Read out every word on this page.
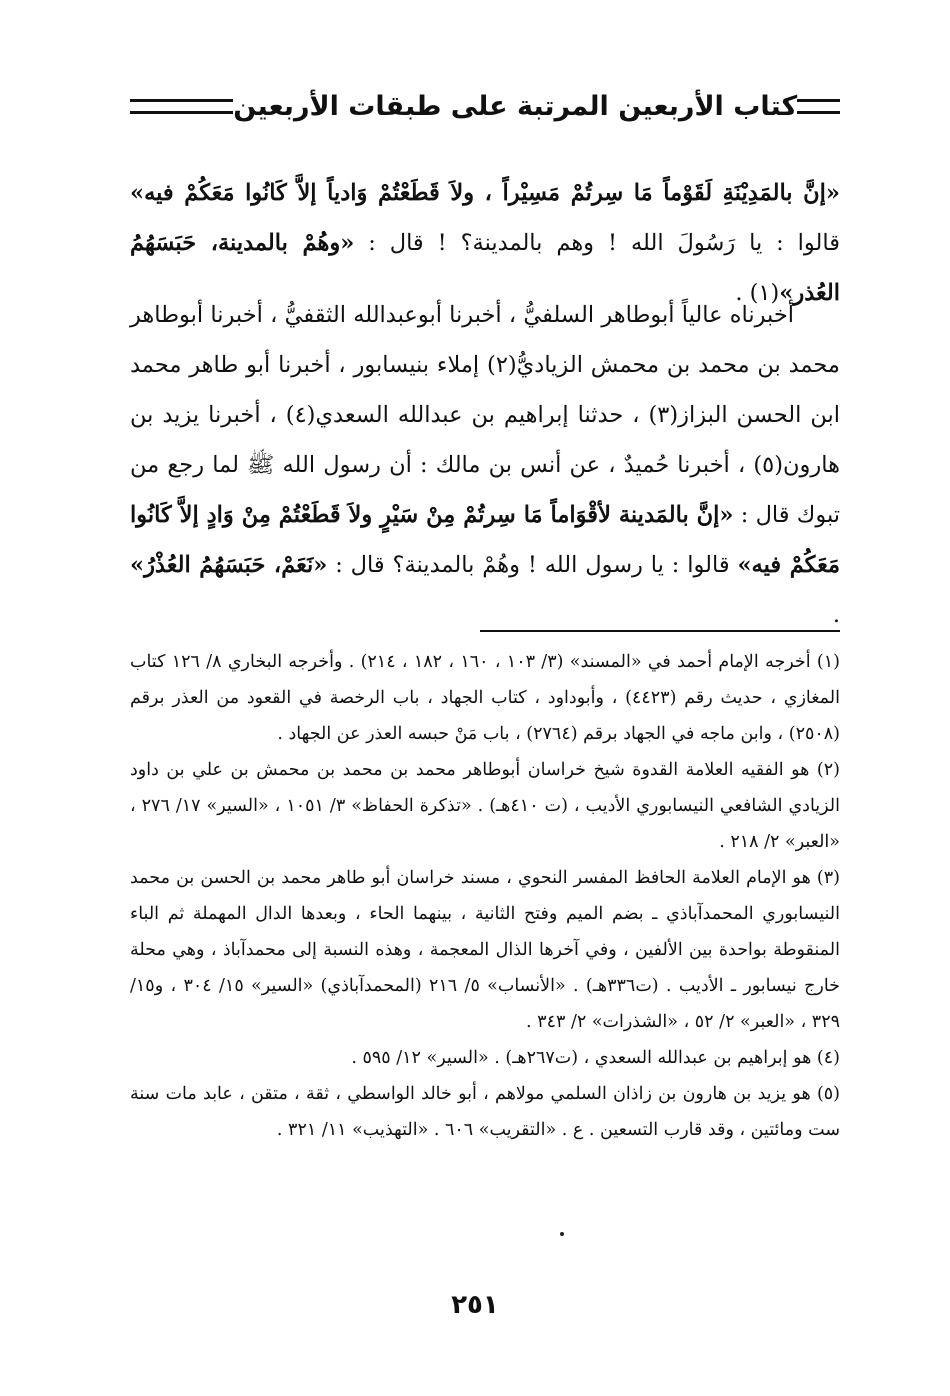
كتاب الأربعين المرتبة على طبقات الأربعين
«إنَّ بالمَدِيْنَةِ لَقَوْماً مَا سِرتُمْ مَسِيْراً ، ولاَ قَطَعْتُمْ وَادياً إلاَّ كَانُوا مَعَكُمْ فيه» قالوا : يا رَسُولَ الله ! وهم بالمدينة؟ ! قال : «وهُمْ بالمدينة، حَبَسَهُمُ العُذر»(١) .
أخبرناه عالياً أبوطاهر السلفيُّ ، أخبرنا أبوعبدالله الثقفيُّ ، أخبرنا أبوطاهر محمد بن محمد بن محمش الزياديُّ(٢) إملاء بنيسابور ، أخبرنا أبو طاهر محمد ابن الحسن البزاز(٣) ، حدثنا إبراهيم بن عبدالله السعدي(٤) ، أخبرنا يزيد بن هارون(٥) ، أخبرنا حُميدٌ ، عن أنس بن مالك : أن رسول الله ﷺ لما رجع من تبوك قال : «إنَّ بالمَدينة لأقْوَاماً مَا سِرتُمْ مِنْ سَيْرٍ ولاَ قَطَعْتُمْ مِنْ وَادٍ إلاَّ كَانُوا مَعَكُمْ فيه» قالوا : يا رسول الله ! وهُمْ بالمدينة؟ قال : «نَعَمْ، حَبَسَهُمُ العُذْرُ» .

(١) أخرجه الإمام أحمد في «المسند» (٣/ ١٠٣ ، ١٦٠ ، ١٨٢ ، ٢١٤) . وأخرجه البخاري ٨/ ١٢٦ كتاب المغازي ، حديث رقم (٤٤٢٣) ، وأبوداود ، كتاب الجهاد ، باب الرخصة في القعود من العذر برقم (٢٥٠٨) ، وابن ماجه في الجهاد برقم (٢٧٦٤) ، باب مَنْ حبسه العذر عن الجهاد .

(٢) هو الفقيه العلامة القدوة شيخ خراسان أبوطاهر محمد بن محمد بن محمش بن علي بن داود الزيادي الشافعي النيسابوري الأديب ، (ت ٤١٠هـ) . «تذكرة الحفاظ» ٣/ ١٠٥١ ، «السير» ١٧/ ٢٧٦ ، «العبر» ٢/ ٢١٨ .

(٣) هو الإمام العلامة الحافظ المفسر النحوي ، مسند خراسان أبو طاهر محمد بن الحسن بن محمد النيسابوري المحمدآباذي ـ بضم الميم وفتح الثانية ، بينهما الحاء ، وبعدها الدال المهملة ثم الباء المنقوطة بواحدة بين الألفين ، وفي آخرها الذال المعجمة ، وهذه النسبة إلى محمدآباذ ، وهي محلة خارج نيسابور ـ الأديب . (ت٣٣٦هـ) . «الأنساب» ٥/ ٢١٦ (المحمدآباذي) «السير» ١٥/ ٣٠٤ ، و١٥/ ٣٢٩ ، «العبر» ٢/ ٥٢ ، «الشذرات» ٢/ ٣٤٣ .

(٤) هو إبراهيم بن عبدالله السعدي ، (ت٢٦٧هـ) . «السير» ١٢/ ٥٩٥ .

(٥) هو يزيد بن هارون بن زاذان السلمي مولاهم ، أبو خالد الواسطي ، ثقة ، متقن ، عابد مات سنة ست ومائتين ، وقد قارب التسعين . ع . «التقريب» ٦٠٦ . «التهذيب» ١١/ ٣٢١ .

٢٥١
